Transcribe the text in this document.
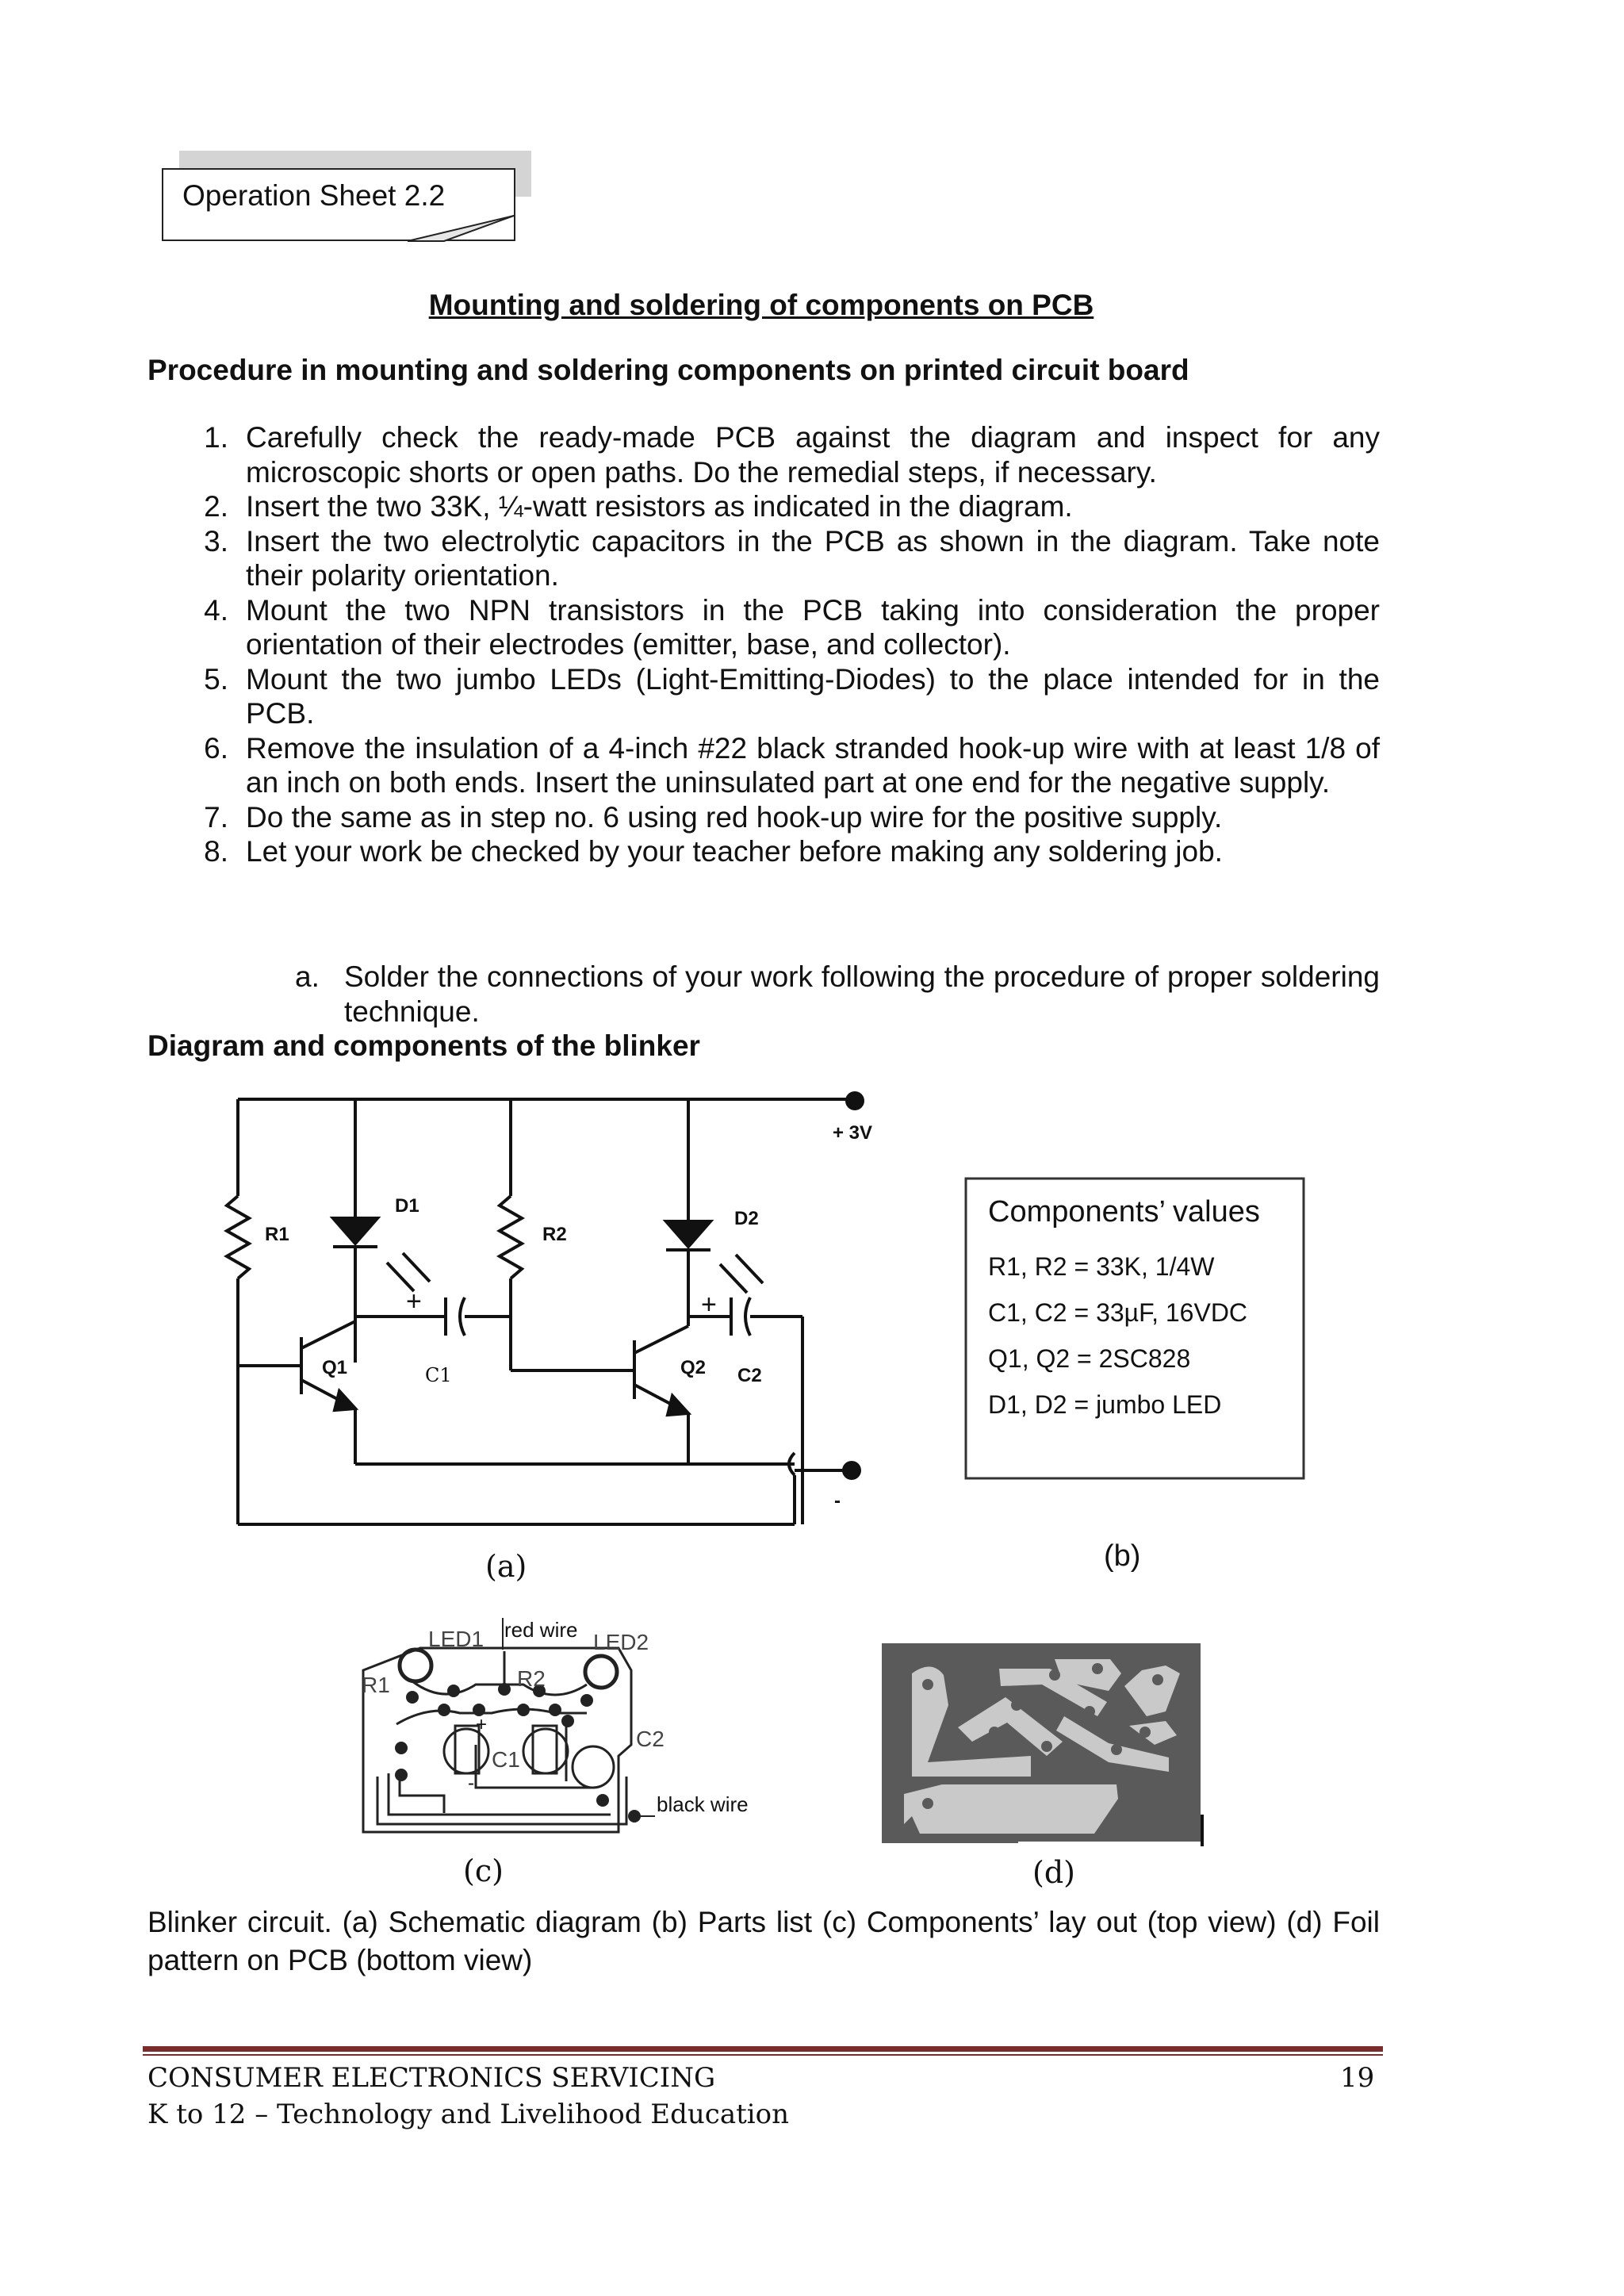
Operation Sheet 2.2
Mounting and soldering of components on PCB
Procedure in mounting and soldering components on printed circuit board
1. Carefully check the ready-made PCB against the diagram and inspect for any microscopic shorts or open paths. Do the remedial steps, if necessary.
2. Insert the two 33K, ¼-watt resistors as indicated in the diagram.
3. Insert the two electrolytic capacitors in the PCB as shown in the diagram. Take note their polarity orientation.
4. Mount the two NPN transistors in the PCB taking into consideration the proper orientation of their electrodes (emitter, base, and collector).
5. Mount the two jumbo LEDs (Light-Emitting-Diodes) to the place intended for in the PCB.
6. Remove the insulation of a 4-inch #22 black stranded hook-up wire with at least 1/8 of an inch on both ends. Insert the uninsulated part at one end for the negative supply.
7. Do the same as in step no. 6 using red hook-up wire for the positive supply.
8. Let your work be checked by your teacher before making any soldering job.
a. Solder the connections of your work following the procedure of proper soldering technique.
Diagram and components of the blinker
+ 3V
-
R1
D1
R2
D2
Q1	Q2 C2
C1
+	+
(a)
Components’ values
R1, R2 = 33K, 1/4W
C1, C2 = 33µF, 16VDC
Q1, Q2 = 2SC828
D1, D2 = jumbo LED
(b)
LED1	LED2
R1	R2
C1
C2
+
-
red wire
black wire
(c)	(d)
Blinker circuit. (a) Schematic diagram (b) Parts list (c) Components’ lay out (top view) (d) Foil pattern on PCB (bottom view)
CONSUMER ELECTRONICS SERVICING
K to 12 – Technology and Livelihood Education
19
